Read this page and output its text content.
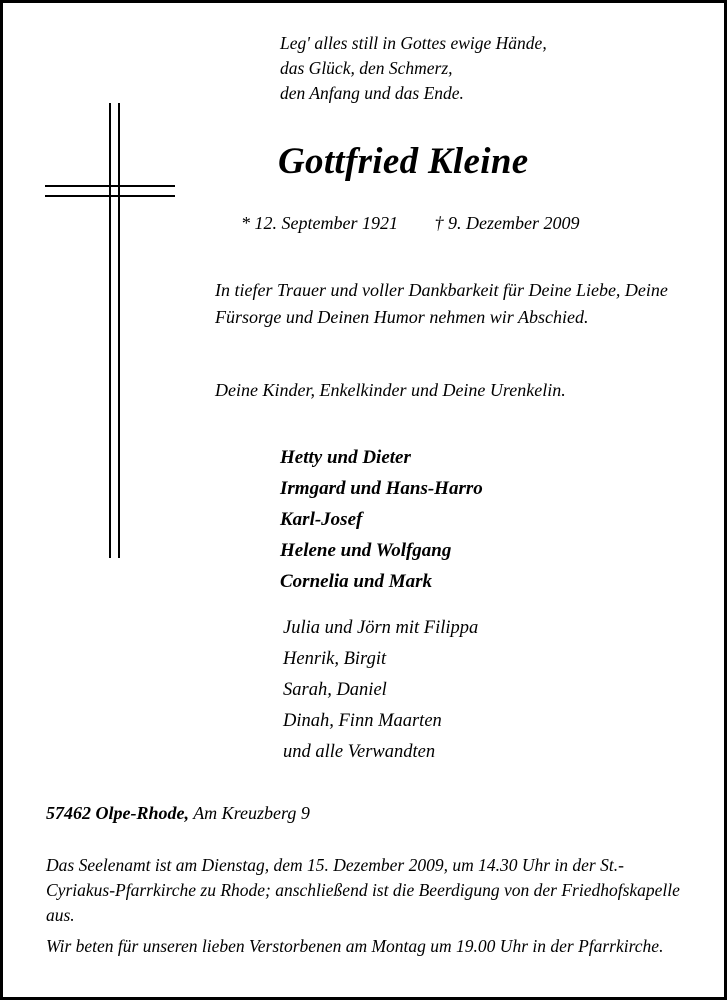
Leg' alles still in Gottes ewige Hände,
das Glück, den Schmerz,
den Anfang und das Ende.
Gottfried Kleine
* 12. September 1921 † 9. Dezember 2009
In tiefer Trauer und voller Dankbarkeit für Deine Liebe, Deine Fürsorge und Deinen Humor nehmen wir Abschied.
Deine Kinder, Enkelkinder und Deine Urenkelin.
Hetty und Dieter
Irmgard und Hans-Harro
Karl-Josef
Helene und Wolfgang
Cornelia und Mark
Julia und Jörn mit Filippa
Henrik, Birgit
Sarah, Daniel
Dinah, Finn Maarten
und alle Verwandten
57462 Olpe-Rhode, Am Kreuzberg 9
Das Seelenamt ist am Dienstag, dem 15. Dezember 2009, um 14.30 Uhr in der St.-Cyriakus-Pfarrkirche zu Rhode; anschließend ist die Beerdigung von der Friedhofskapelle aus.
Wir beten für unseren lieben Verstorbenen am Montag um 19.00 Uhr in der Pfarrkirche.
